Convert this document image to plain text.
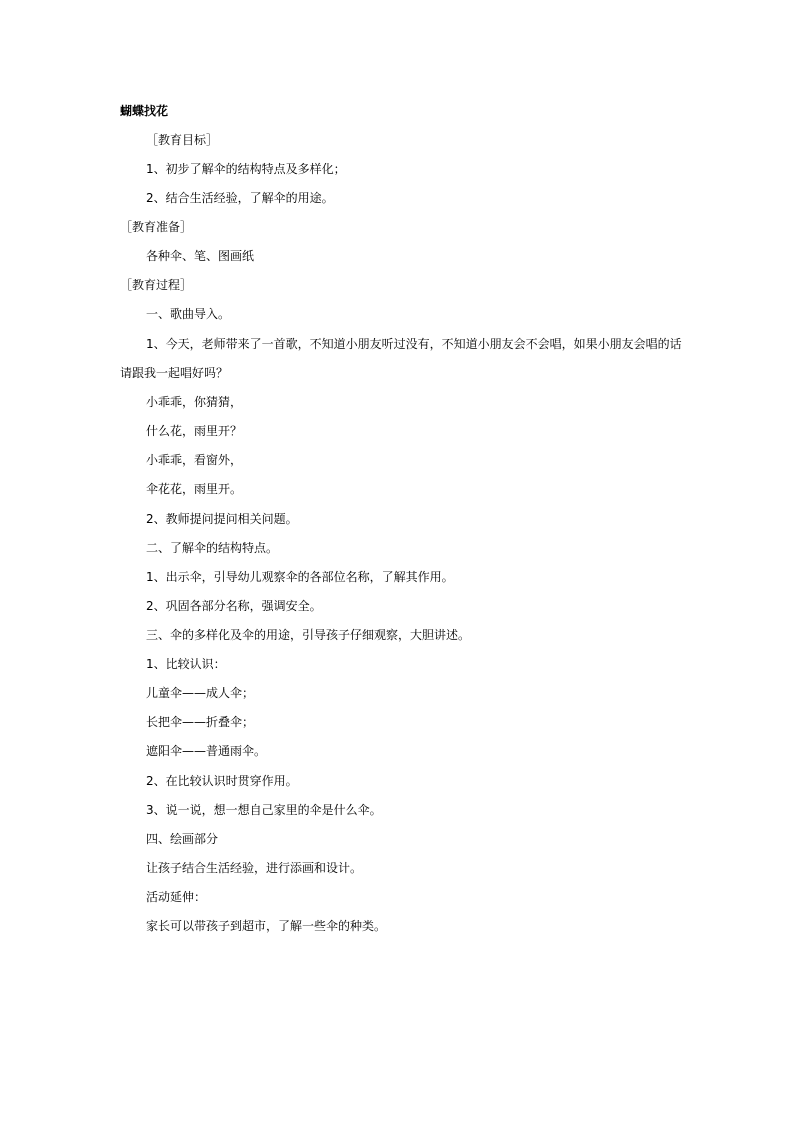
蝴蝶找花
［教育目标］
1、初步了解伞的结构特点及多样化；
2、结合生活经验，了解伞的用途。
［教育准备］
各种伞、笔、图画纸
［教育过程］
一、歌曲导入。
1、今天，老师带来了一首歌，不知道小朋友听过没有，不知道小朋友会不会唱，如果小朋友会唱的话
请跟我一起唱好吗？
小乖乖，你猜猜，
什么花，雨里开？
小乖乖，看窗外，
伞花花，雨里开。
2、教师提问提问相关问题。
二、了解伞的结构特点。
1、出示伞，引导幼儿观察伞的各部位名称，了解其作用。
2、巩固各部分名称，强调安全。
三、伞的多样化及伞的用途，引导孩子仔细观察，大胆讲述。
1、比较认识：
儿童伞——成人伞；
长把伞——折叠伞；
遮阳伞——普通雨伞。
2、在比较认识时贯穿作用。
3、说一说，想一想自己家里的伞是什么伞。
四、绘画部分
让孩子结合生活经验，进行添画和设计。
活动延伸：
家长可以带孩子到超市，了解一些伞的种类。
